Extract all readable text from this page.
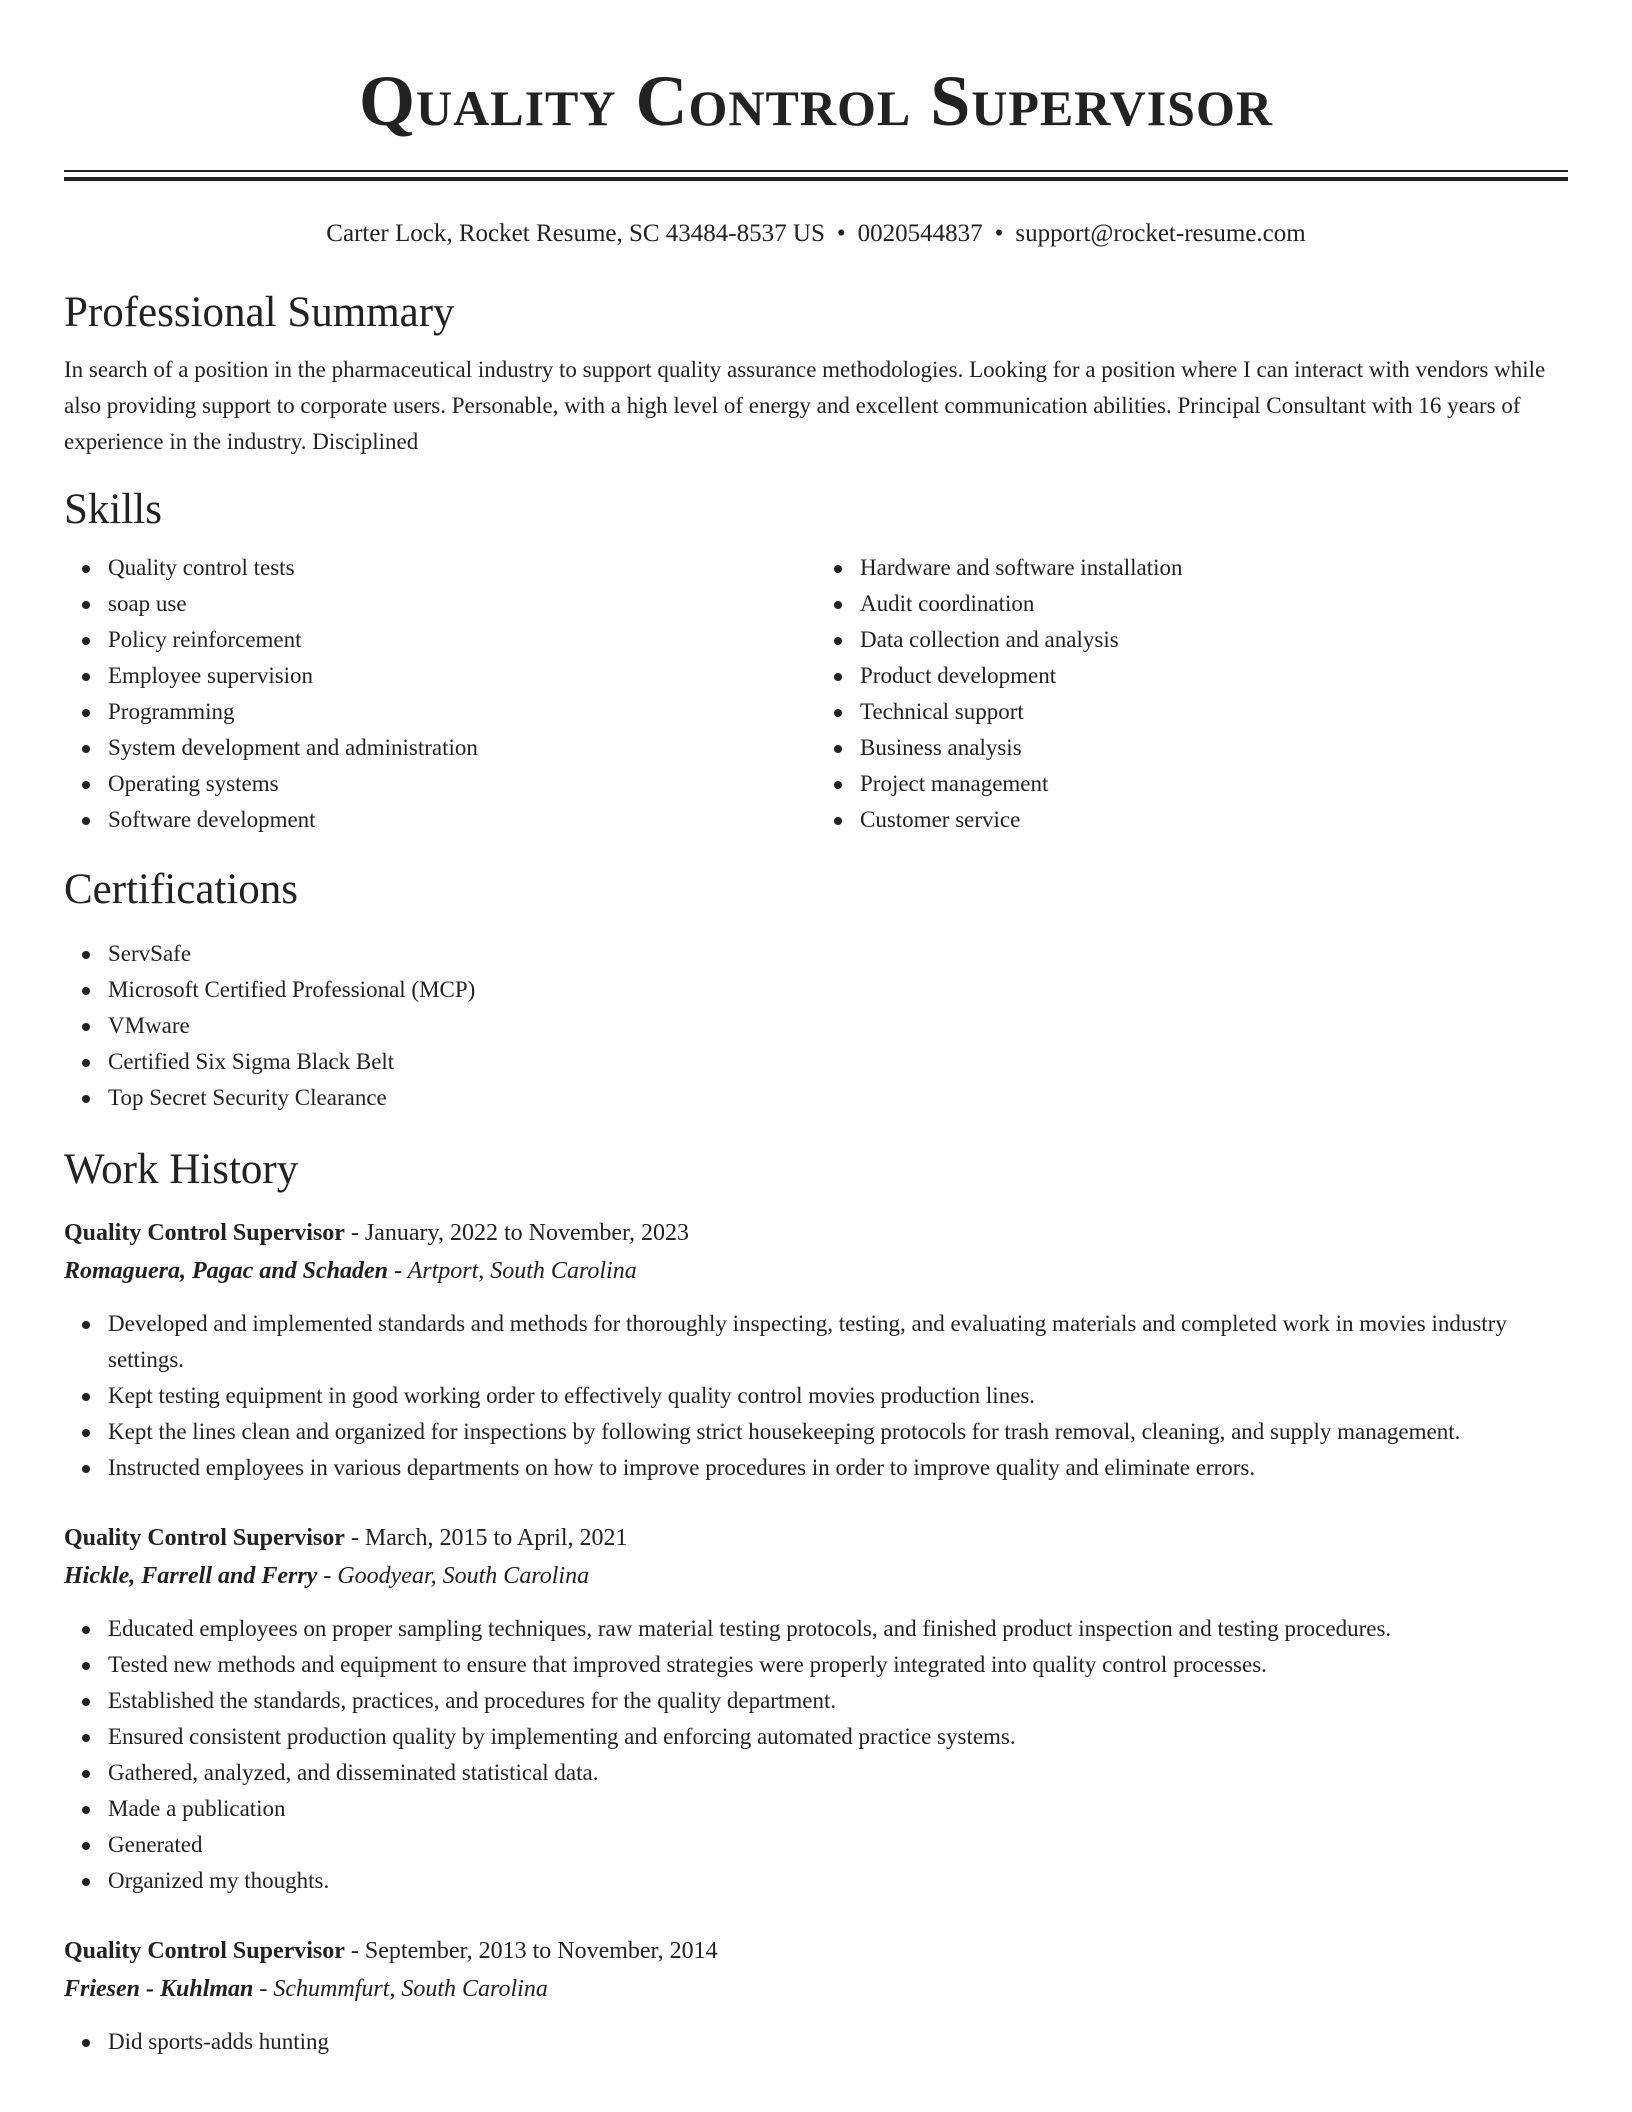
Quality Control Supervisor
Carter Lock, Rocket Resume, SC 43484-8537 US • 0020544837 • support@rocket-resume.com
Professional Summary
In search of a position in the pharmaceutical industry to support quality assurance methodologies. Looking for a position where I can interact with vendors while also providing support to corporate users. Personable, with a high level of energy and excellent communication abilities. Principal Consultant with 16 years of experience in the industry. Disciplined
Skills
Quality control tests
soap use
Policy reinforcement
Employee supervision
Programming
System development and administration
Operating systems
Software development
Hardware and software installation
Audit coordination
Data collection and analysis
Product development
Technical support
Business analysis
Project management
Customer service
Certifications
ServSafe
Microsoft Certified Professional (MCP)
VMware
Certified Six Sigma Black Belt
Top Secret Security Clearance
Work History
Quality Control Supervisor - January, 2022 to November, 2023
Romaguera, Pagac and Schaden - Artport, South Carolina
Developed and implemented standards and methods for thoroughly inspecting, testing, and evaluating materials and completed work in movies industry settings.
Kept testing equipment in good working order to effectively quality control movies production lines.
Kept the lines clean and organized for inspections by following strict housekeeping protocols for trash removal, cleaning, and supply management.
Instructed employees in various departments on how to improve procedures in order to improve quality and eliminate errors.
Quality Control Supervisor - March, 2015 to April, 2021
Hickle, Farrell and Ferry - Goodyear, South Carolina
Educated employees on proper sampling techniques, raw material testing protocols, and finished product inspection and testing procedures.
Tested new methods and equipment to ensure that improved strategies were properly integrated into quality control processes.
Established the standards, practices, and procedures for the quality department.
Ensured consistent production quality by implementing and enforcing automated practice systems.
Gathered, analyzed, and disseminated statistical data.
Made a publication
Generated
Organized my thoughts.
Quality Control Supervisor - September, 2013 to November, 2014
Friesen - Kuhlman - Schummfurt, South Carolina
Did sports-adds hunting
